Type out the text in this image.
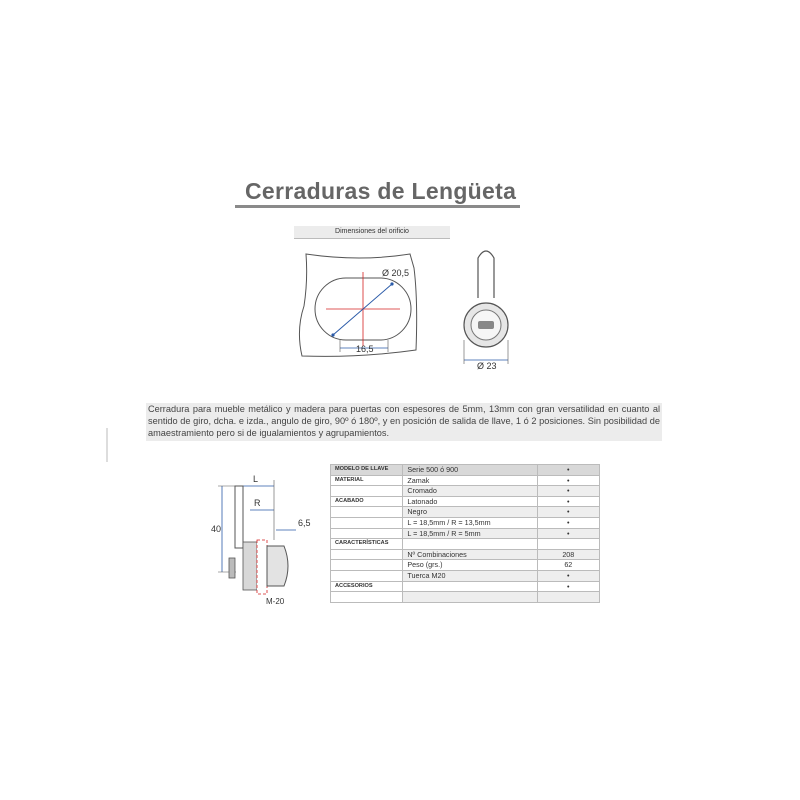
Cerraduras de Lengüeta
Dimensiones del orificio
Ø 20,5
16,5
Ø 23
Cerradura para mueble metálico y madera para puertas con espesores de 5mm, 13mm con gran versatilidad en cuanto al sentido de giro, dcha. e izda., angulo de giro, 90º ó 180º, y en posición de salida de llave, 1 ó 2 posiciones. Sin posibilidad de amaestramiento pero si de igualamientos y agrupamientos.
40
L
R
6,5
M-20
MODELO DE LLAVE	Serie 500 ó 900	•
MATERIAL	Zamak	•
	Cromado	•
ACABADO	Latonado	•
	Negro	•
	L = 18,5mm / R = 13,5mm	•
	L = 18,5mm / R = 5mm	•
CARACTERÍSTICAS		
	Nº Combinaciones	208
	Peso (grs.)	62
	Tuerca M20	•
ACCESORIOS		•
